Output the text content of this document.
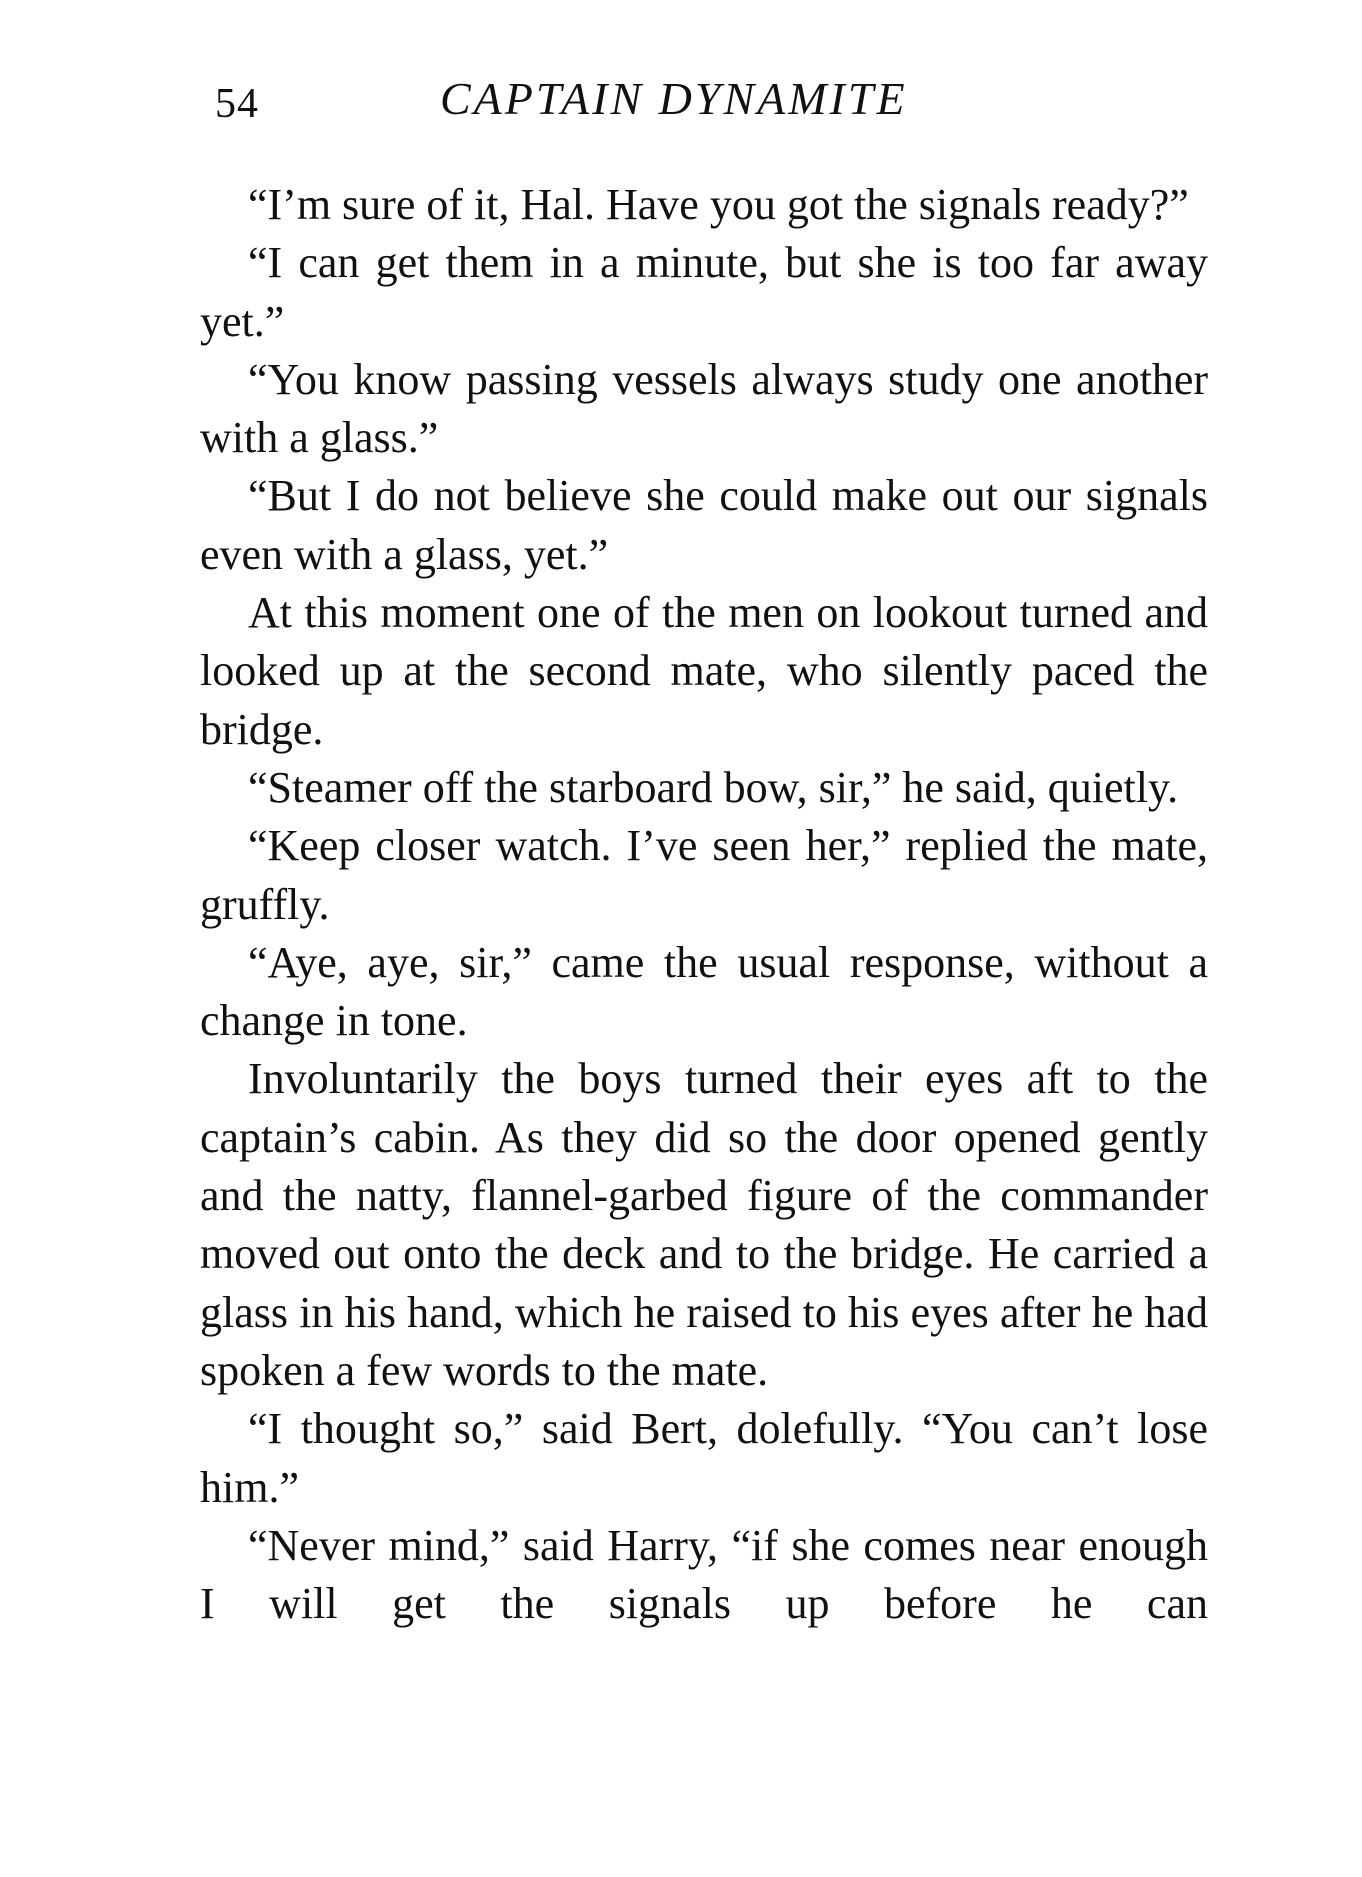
54	CAPTAIN DYNAMITE

“I’m sure of it, Hal. Have you got the signals ready?”

“I can get them in a minute, but she is too far away yet.”

“You know passing vessels always study one another with a glass.”

“But I do not believe she could make out our signals even with a glass, yet.”

At this moment one of the men on lookout turned and looked up at the second mate, who silently paced the bridge.

“Steamer off the starboard bow, sir,” he said, quietly.

“Keep closer watch. I’ve seen her,” replied the mate, gruffly.

“Aye, aye, sir,” came the usual response, without a change in tone.

Involuntarily the boys turned their eyes aft to the captain’s cabin. As they did so the door opened gently and the natty, flannel-garbed figure of the commander moved out onto the deck and to the bridge. He carried a glass in his hand, which he raised to his eyes after he had spoken a few words to the mate.

“I thought so,” said Bert, dolefully. “You can’t lose him.”

“Never mind,” said Harry, “if she comes near enough I will get the signals up before he can
